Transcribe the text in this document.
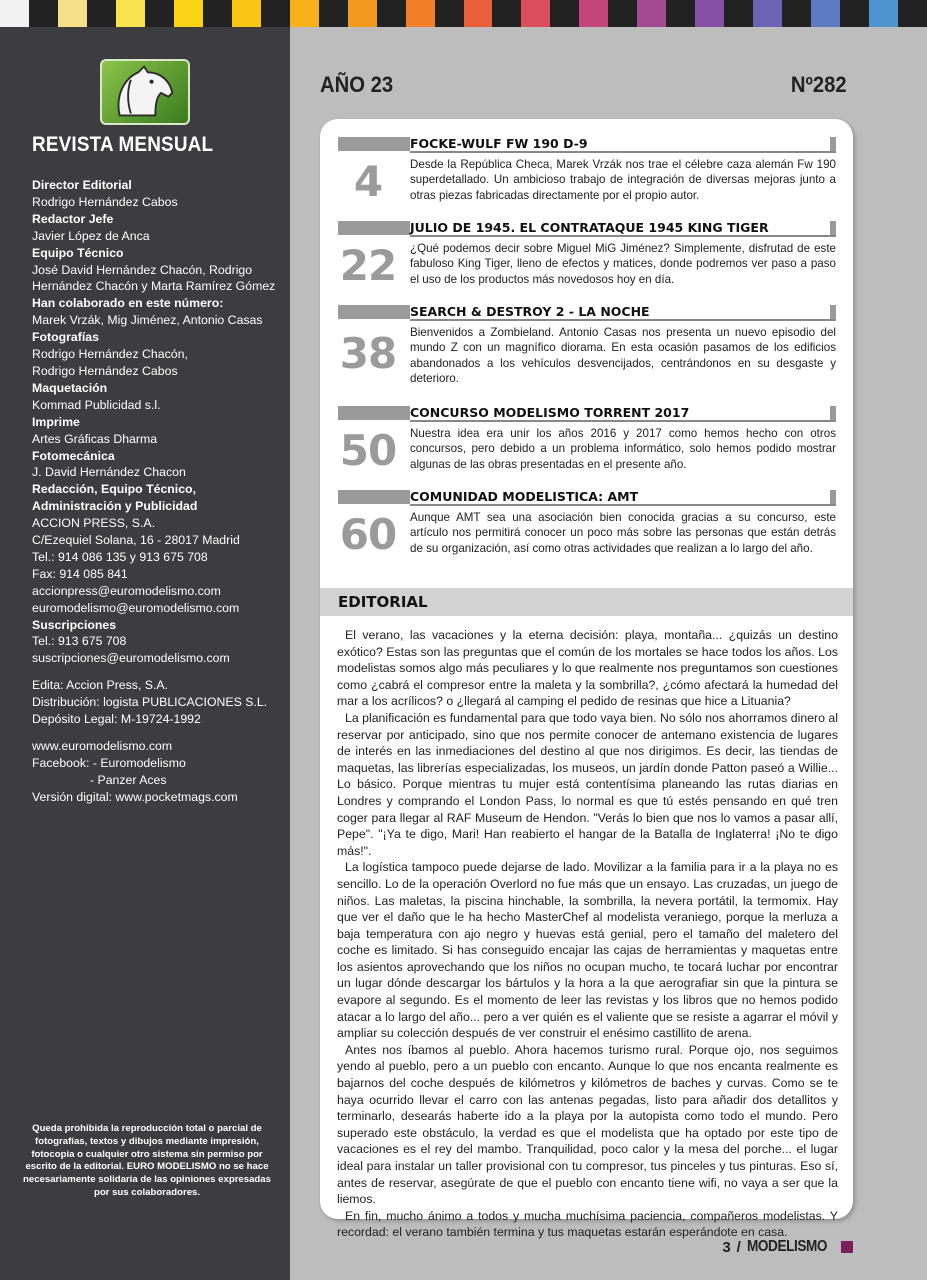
REVISTA MENSUAL
Director Editorial
Rodrigo Hernández Cabos
Redactor Jefe
Javier López de Anca
Equipo Técnico
José David Hernández Chacón, Rodrigo Hernández Chacón y Marta Ramírez Gómez
Han colaborado en este número:
Marek Vrzák, Mig Jiménez, Antonio Casas
Fotografías
Rodrigo Hernández Chacón,
Rodrigo Hernández Cabos
Maquetación
Kommad Publicidad s.l.
Imprime
Artes Gráficas Dharma
Fotomecánica
J. David Hernández Chacon
Redacción, Equipo Técnico, Administración y Publicidad
ACCION PRESS, S.A.
C/Ezequiel Solana, 16 - 28017 Madrid
Tel.: 914 086 135 y 913 675 708
Fax: 914 085 841
accionpress@euromodelismo.com
euromodelismo@euromodelismo.com
Suscripciones
Tel.: 913 675 708
suscripciones@euromodelismo.com
Edita: Accion Press, S.A.
Distribución: logista PUBLICACIONES S.L.
Depósito Legal: M-19724-1992
www.euromodelismo.com
Facebook: - Euromodelismo
- Panzer Aces
Versión digital: www.pocketmags.com
Queda prohibida la reproducción total o parcial de fotografías, textos y dibujos mediante impresión, fotocopia o cualquier otro sistema sin permiso por escrito de la editorial. EURO MODELISMO no se hace necesariamente solidaria de las opiniones expresadas por sus colaboradores.
AÑO 23	Nº282
FOCKE-WULF FW 190 D-9
4	Desde la República Checa, Marek Vrzák nos trae el célebre caza alemán Fw 190 superdetallado. Un ambicioso trabajo de integración de diversas mejoras junto a otras piezas fabricadas directamente por el propio autor.
JULIO DE 1945. EL CONTRATAQUE 1945 KING TIGER
22 ¿Qué podemos decir sobre Miguel MiG Jiménez? Simplemente, disfrutad de este fabuloso King Tiger, lleno de efectos y matices, donde podremos ver paso a paso el uso de los productos más novedosos hoy en día.
SEARCH & DESTROY 2 - LA NOCHE
38 Bienvenidos a Zombieland. Antonio Casas nos presenta un nuevo episodio del mundo Z con un magnífico diorama. En esta ocasión pasamos de los edificios abandonados a los vehículos desvencijados, centrándonos en su desgaste y deterioro.
CONCURSO MODELISMO TORRENT 2017
50 Nuestra idea era unir los años 2016 y 2017 como hemos hecho con otros concursos, pero debido a un problema informático, solo hemos podido mostrar algunas de las obras presentadas en el presente año.
COMUNIDAD MODELISTICA: AMT
60 Aunque AMT sea una asociación bien conocida gracias a su concurso, este artículo nos permitirá conocer un poco más sobre las personas que están detrás de su organización, así como otras actividades que realizan a lo largo del año.
EDITORIAL

El verano, las vacaciones y la eterna decisión: playa, montaña... ¿quizás un destino exótico? Estas son las preguntas que el común de los mortales se hace todos los años. Los modelistas somos algo más peculiares y lo que realmente nos preguntamos son cuestiones como ¿cabrá el compresor entre la maleta y la sombrilla?, ¿cómo afectará la humedad del mar a los acrílicos? o ¿llegará al camping el pedido de resinas que hice a Lituania?

La planificación es fundamental para que todo vaya bien. No sólo nos ahorramos dinero al reservar por anticipado, sino que nos permite conocer de antemano existencia de lugares de interés en las inmediaciones del destino al que nos dirigimos. Es decir, las tiendas de maquetas, las librerías especializadas, los museos, un jardín donde Patton paseó a Willie... Lo básico. Porque mientras tu mujer está contentísima planeando las rutas diarias en Londres y comprando el London Pass, lo normal es que tú estés pensando en qué tren coger para llegar al RAF Museum de Hendon. "Verás lo bien que nos lo vamos a pasar allí, Pepe". "¡Ya te digo, Mari! Han reabierto el hangar de la Batalla de Inglaterra! ¡No te digo más!".

La logística tampoco puede dejarse de lado. Movilizar a la familia para ir a la playa no es sencillo. Lo de la operación Overlord no fue más que un ensayo. Las cruzadas, un juego de niños. Las maletas, la piscina hinchable, la sombrilla, la nevera portátil, la termomix. Hay que ver el daño que le ha hecho MasterChef al modelista veraniego, porque la merluza a baja temperatura con ajo negro y huevas está genial, pero el tamaño del maletero del coche es limitado. Si has conseguido encajar las cajas de herramientas y maquetas entre los asientos aprovechando que los niños no ocupan mucho, te tocará luchar por encontrar un lugar dónde descargar los bártulos y la hora a la que aerografiar sin que la pintura se evapore al segundo. Es el momento de leer las revistas y los libros que no hemos podido atacar a lo largo del año... pero a ver quién es el valiente que se resiste a agarrar el móvil y ampliar su colección después de ver construir el enésimo castillito de arena.

Antes nos íbamos al pueblo. Ahora hacemos turismo rural. Porque ojo, nos seguimos yendo al pueblo, pero a un pueblo con encanto. Aunque lo que nos encanta realmente es bajarnos del coche después de kilómetros y kilómetros de baches y curvas. Como se te haya ocurrido llevar el carro con las antenas pegadas, listo para añadir dos detallitos y terminarlo, desearás haberte ido a la playa por la autopista como todo el mundo. Pero superado este obstáculo, la verdad es que el modelista que ha optado por este tipo de vacaciones es el rey del mambo. Tranquilidad, poco calor y la mesa del porche... el lugar ideal para instalar un taller provisional con tu compresor, tus pinceles y tus pinturas. Eso sí, antes de reservar, asegúrate de que el pueblo con encanto tiene wifi, no vaya a ser que la liemos.

En fin, mucho ánimo a todos y mucha muchísima paciencia, compañeros modelistas. Y recordad: el verano también termina y tus maquetas estarán esperándote en casa.

3 / MODELISMO
